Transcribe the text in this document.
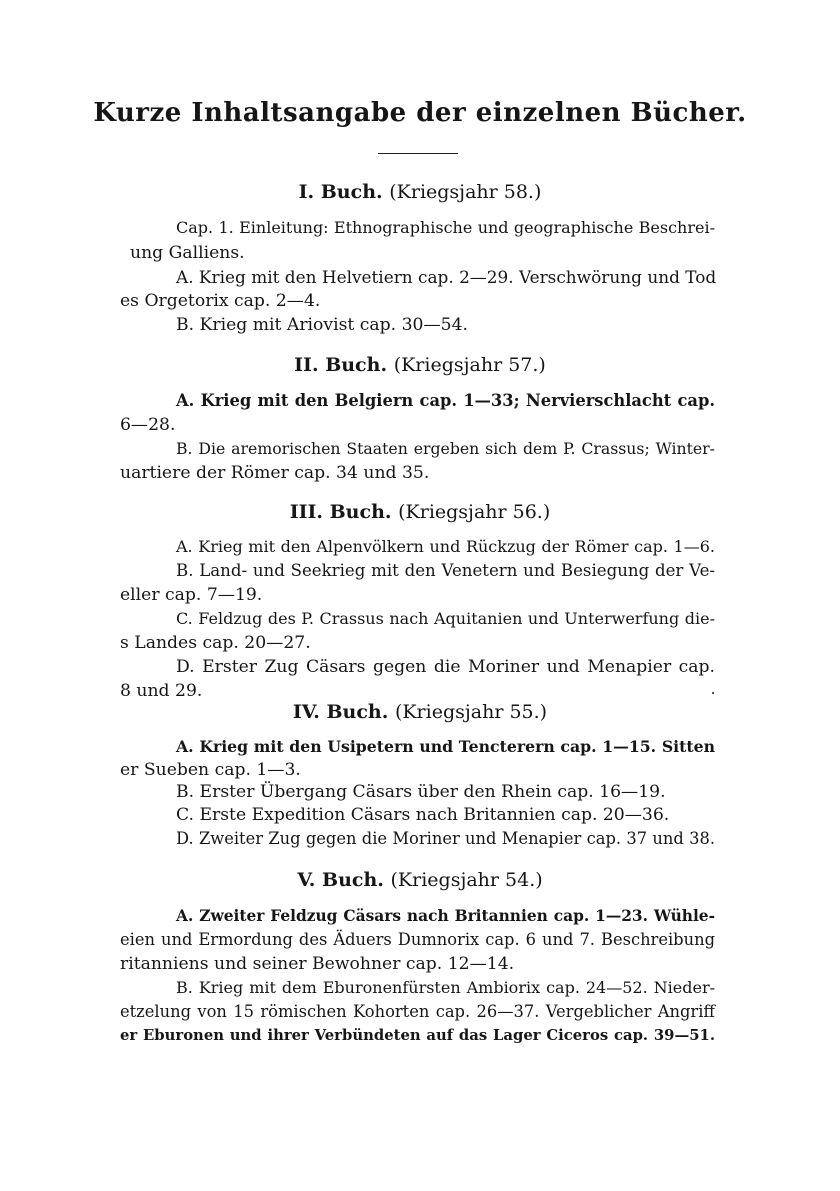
Kurze Inhaltsangabe der einzelnen Bücher.
I. Buch. (Kriegsjahr 58.)

Cap. 1. Einleitung: Ethnographische und geographische Beschrei-

ung Galliens.

A. Krieg mit den Helvetiern cap. 2—29. Verschwörung und Tod

es Orgetorix cap. 2—4.

B. Krieg mit Ariovist cap. 30—54.

II. Buch. (Kriegsjahr 57.)

A. Krieg mit den Belgiern cap. 1—33; Nervierschlacht cap.

6—28.

B. Die aremorischen Staaten ergeben sich dem P. Crassus; Winter-

uartiere der Römer cap. 34 und 35.

III. Buch. (Kriegsjahr 56.)

A. Krieg mit den Alpenvölkern und Rückzug der Römer cap. 1—6.

B. Land- und Seekrieg mit den Venetern und Besiegung der Ve-

eller cap. 7—19.

C. Feldzug des P. Crassus nach Aquitanien und Unterwerfung die-

s Landes cap. 20—27.

D. Erster Zug Cäsars gegen die Moriner und Menapier cap.

8 und 29.

IV. Buch. (Kriegsjahr 55.)

A. Krieg mit den Usipetern und Tencterern cap. 1—15. Sitten

er Sueben cap. 1—3.

B. Erster Übergang Cäsars über den Rhein cap. 16—19.

C. Erste Expedition Cäsars nach Britannien cap. 20—36.

D. Zweiter Zug gegen die Moriner und Menapier cap. 37 und 38.

V. Buch. (Kriegsjahr 54.)

A. Zweiter Feldzug Cäsars nach Britannien cap. 1—23. Wühle-

eien und Ermordung des Äduers Dumnorix cap. 6 und 7. Beschreibung

ritanniens und seiner Bewohner cap. 12—14.

B. Krieg mit dem Eburonenfürsten Ambiorix cap. 24—52. Nieder-

etzelung von 15 römischen Kohorten cap. 26—37. Vergeblicher Angriff

er Eburonen und ihrer Verbündeten auf das Lager Ciceros cap. 39—51.
